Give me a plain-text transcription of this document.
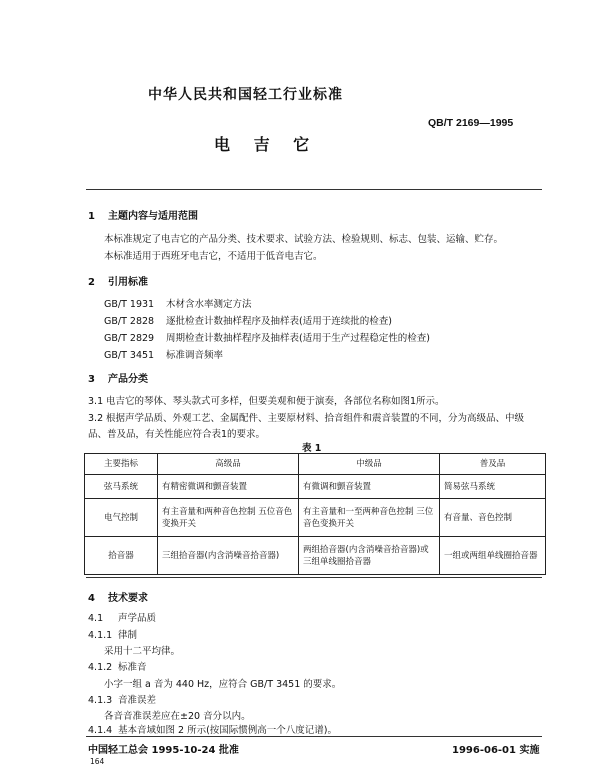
中华人民共和国轻工行业标准
QB/T 2169—1995
电 吉 它
1 主题内容与适用范围
本标准规定了电吉它的产品分类、技术要求、试验方法、检验规则、标志、包装、运输、贮存。
本标准适用于西班牙电吉它，不适用于低音电吉它。
2 引用标准
GB/T 1931 木材含水率测定方法
GB/T 2828 逐批检查计数抽样程序及抽样表(适用于连续批的检查)
GB/T 2829 周期检查计数抽样程序及抽样表(适用于生产过程稳定性的检查)
GB/T 3451 标准调音频率
3 产品分类
3.1 电吉它的琴体、琴头款式可多样，但要美观和便于演奏，各部位名称如图1所示。
3.2 根据声学品质、外观工艺、金属配件、主要原材料、拾音组件和震音装置的不同，分为高级品、中级
品、普及品，有关性能应符合表1的要求。
表 1
主要指标	高级品	中级品	普及品
弦马系统	有精密微调和颤音装置	有微调和颤音装置	简易弦马系统
电气控制	有主音量和两种音色控制 五位音色变换开关	有主音量和一至两种音色控制 三位音色变换开关	有音量、音色控制
拾音器	三组拾音器(内含消噪音拾音器)	两组拾音器(内含消噪音拾音器)或三组单线圈拾音器	一组或两组单线圈拾音器
4 技术要求
4.1 声学品质
4.1.1 律制
采用十二平均律。
4.1.2 标准音
小字一组 a 音为 440 Hz，应符合 GB/T 3451 的要求。
4.1.3 音准误差
各音音准误差应在±20 音分以内。
4.1.4 基本音域如图 2 所示(按国际惯例高一个八度记谱)。
中国轻工总会 1995-10-24 批准	1996-06-01 实施
164
